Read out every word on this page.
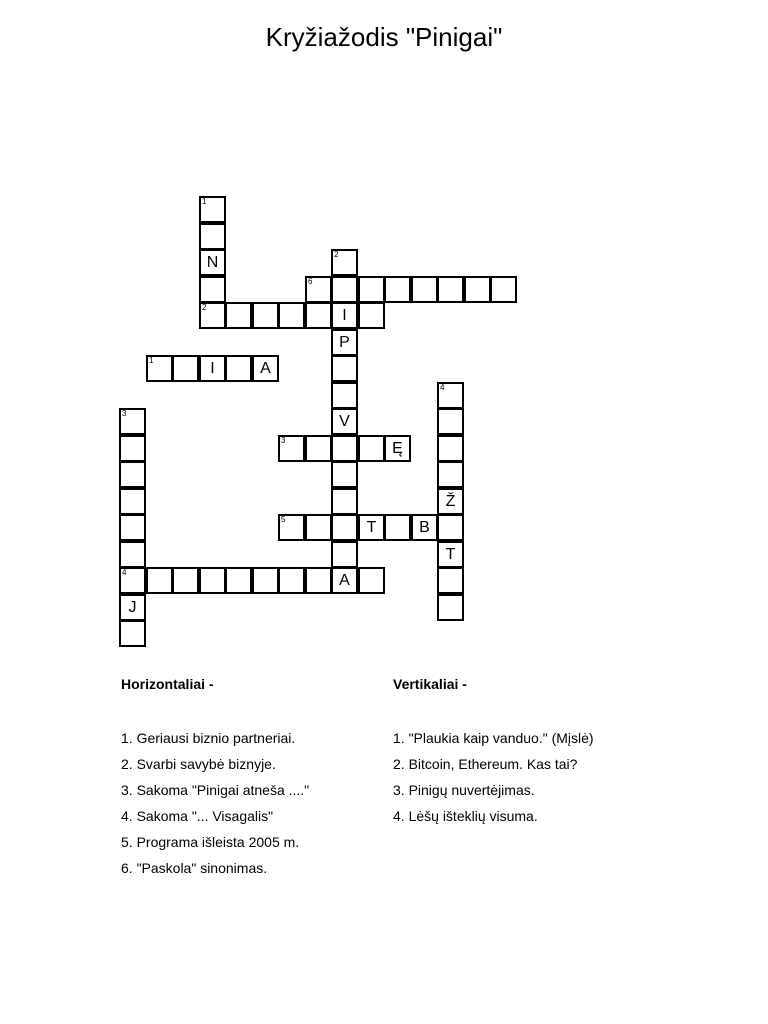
Kryžiažodis "Pinigai"
1
N	2
6
2	I
P
1	I	A
4
3	V
3	Ę
Ž
5	T	B
T
4	A
J
Horizontaliai -	Vertikaliai -
1. Geriausi biznio partneriai.
2. Svarbi savybė biznyje.
3. Sakoma "Pinigai atneša ...."
4. Sakoma "... Visagalis"
5. Programa išleista 2005 m.
6. "Paskola" sinonimas.
1. "Plaukia kaip vanduo." (Mįslė)
2. Bitcoin, Ethereum. Kas tai?
3. Pinigų nuvertėjimas.
4. Lėšų išteklių visuma.
